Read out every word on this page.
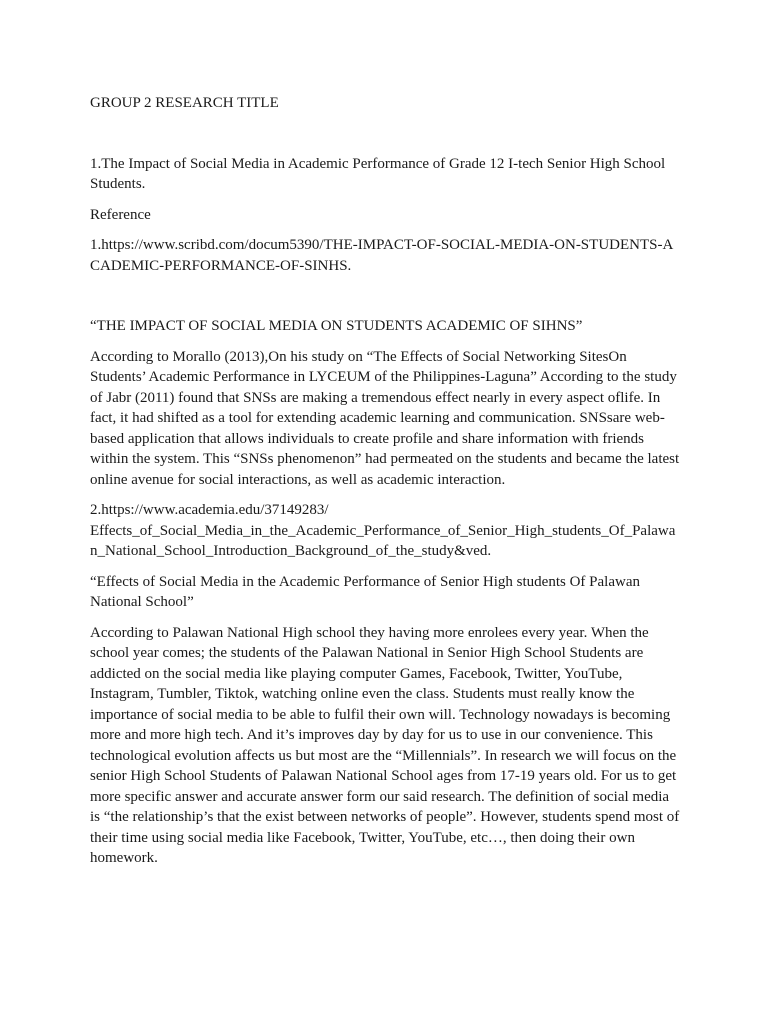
GROUP 2 RESEARCH TITLE

1.The Impact of Social Media in Academic Performance of Grade 12 I-tech Senior High School Students.

Reference

1.https://www.scribd.com/docum5390/THE-IMPACT-OF-SOCIAL-MEDIA-ON-STUDENTS-ACADEMIC-PERFORMANCE-OF-SINHS.

“THE IMPACT OF SOCIAL MEDIA ON STUDENTS ACADEMIC OF SIHNS”

According to Morallo (2013),On his study on “The Effects of Social Networking SitesOn Students’ Academic Performance in LYCEUM of the Philippines-Laguna” According to the study of Jabr (2011) found that SNSs are making a tremendous effect nearly in every aspect oflife. In fact, it had shifted as a tool for extending academic learning and communication. SNSsare web-based application that allows individuals to create profile and share information with friends within the system. This “SNSs phenomenon” had permeated on the students and became the latest online avenue for social interactions, as well as academic interaction.

2.https://www.academia.edu/37149283/
Effects_of_Social_Media_in_the_Academic_Performance_of_Senior_High_students_Of_Palawan_National_School_Introduction_Background_of_the_study&ved.

“Effects of Social Media in the Academic Performance of Senior High students Of Palawan National School”

According to Palawan National High school they having more enrolees every year. When the school year comes; the students of the Palawan National in Senior High School Students are addicted on the social media like playing computer Games, Facebook, Twitter, YouTube, Instagram, Tumbler, Tiktok, watching online even the class. Students must really know the importance of social media to be able to fulfil their own will. Technology nowadays is becoming more and more high tech. And it’s improves day by day for us to use in our convenience. This technological evolution affects us but most are the “Millennials”. In research we will focus on the senior High School Students of Palawan National School ages from 17-19 years old. For us to get more specific answer and accurate answer form our said research. The definition of social media is “the relationship’s that the exist between networks of people”. However, students spend most of their time using social media like Facebook, Twitter, YouTube, etc…, then doing their own homework.
